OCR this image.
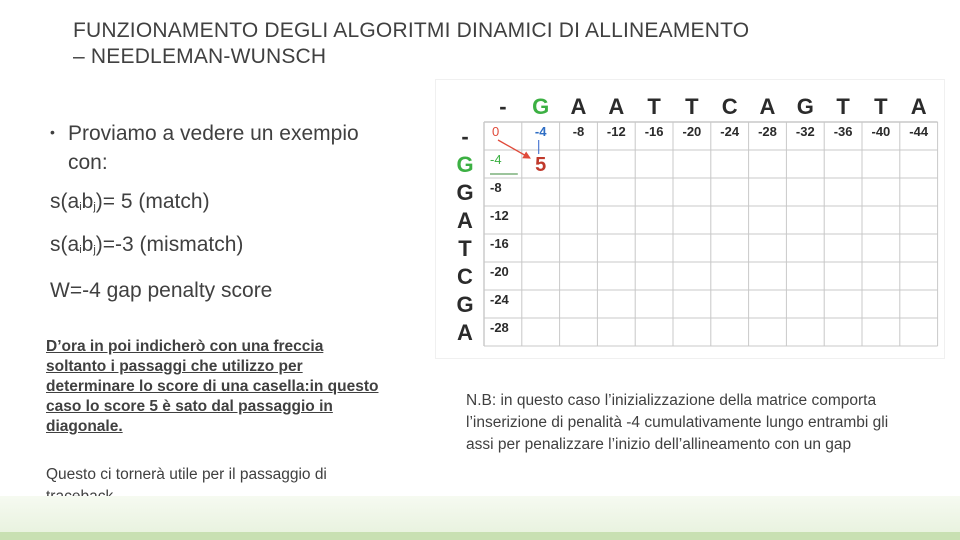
FUNZIONAMENTO DEGLI ALGORITMI DINAMICI DI ALLINEAMENTO
– NEEDLEMAN-WUNSCH
• Proviamo a vedere un exempio
con:
$s(a_ib_j)= 5$ (match)
$s(a_ib_j)=-3$ (mismatch)
W=-4 gap penalty score
D’ora in poi indicherò con una freccia soltanto i passaggi che utilizzo per determinare lo score di una casella:in questo caso lo score 5 è sato dal passaggio in diagonale.
Questo ci tornerà utile per il passaggio di
N.B: in questo caso l’inizializzazione della matrice comporta l’inserizione di penalità -4 cumulativamente lungo entrambi gli assi per penalizzare l’inizio dell’allineamento con un gap
- G A A T T C A G T T A
-
G
G
A
T
C
G
A
0	-4 -8 -12 -16 -20 -24 -28 -32 -36 -40 -44
-4
-8
-12
-16
-20
-24
-28
5
